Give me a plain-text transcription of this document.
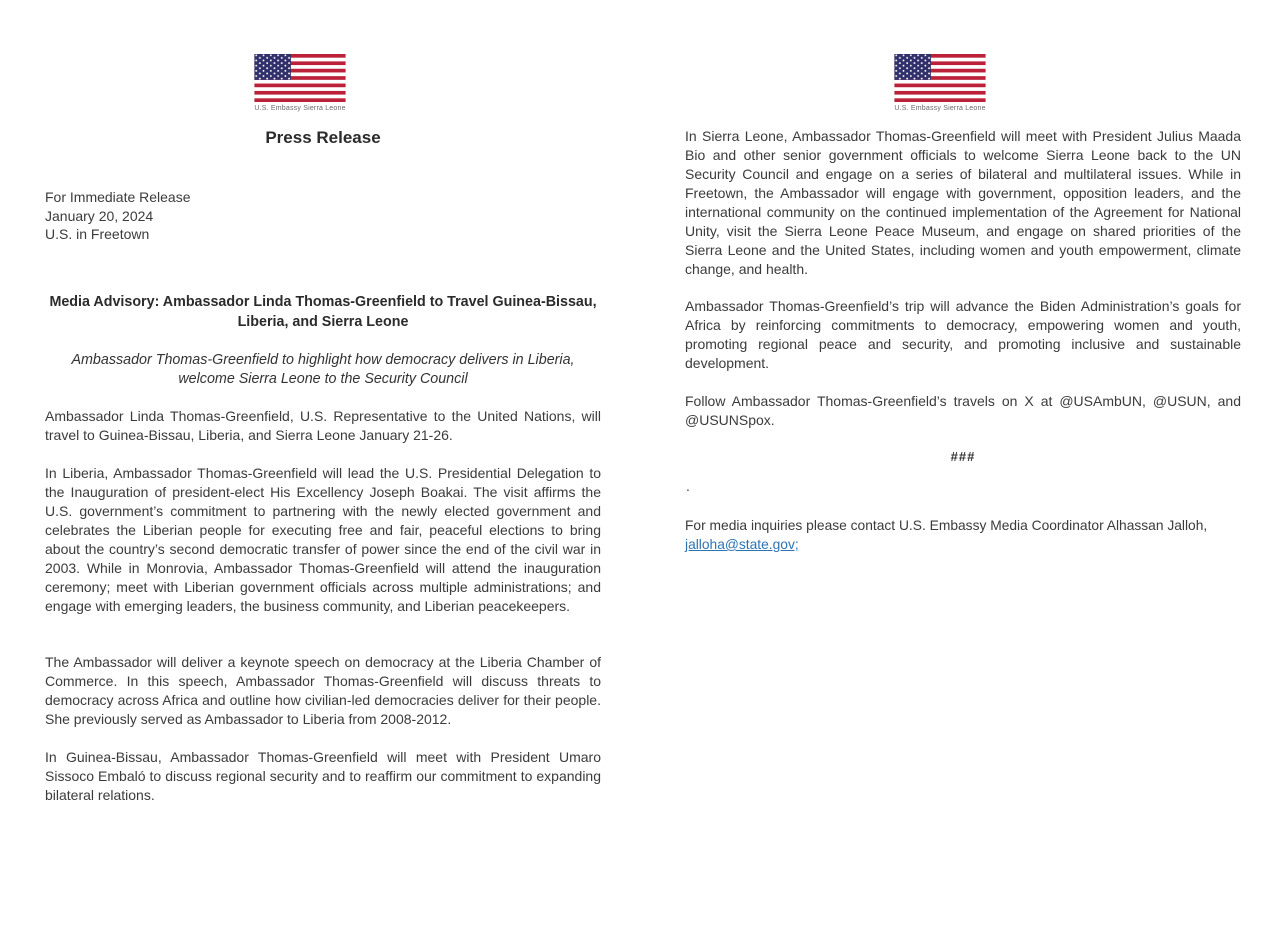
U.S. Embassy Sierra Leone
Press Release
For Immediate Release
January 20, 2024
U.S. in Freetown
Media Advisory: Ambassador Linda Thomas-Greenfield to Travel Guinea-Bissau, Liberia, and Sierra Leone
Ambassador Thomas-Greenfield to highlight how democracy delivers in Liberia, welcome Sierra Leone to the Security Council

Ambassador Linda Thomas-Greenfield, U.S. Representative to the United Nations, will travel to Guinea-Bissau, Liberia, and Sierra Leone January 21-26.

In Liberia, Ambassador Thomas-Greenfield will lead the U.S. Presidential Delegation to the Inauguration of president-elect His Excellency Joseph Boakai. The visit affirms the U.S. government’s commitment to partnering with the newly elected government and celebrates the Liberian people for executing free and fair, peaceful elections to bring about the country’s second democratic transfer of power since the end of the civil war in 2003. While in Monrovia, Ambassador Thomas-Greenfield will attend the inauguration ceremony; meet with Liberian government officials across multiple administrations; and engage with emerging leaders, the business community, and Liberian peacekeepers.

The Ambassador will deliver a keynote speech on democracy at the Liberia Chamber of Commerce. In this speech, Ambassador Thomas-Greenfield will discuss threats to democracy across Africa and outline how civilian-led democracies deliver for their people. She previously served as Ambassador to Liberia from 2008-2012.

In Guinea-Bissau, Ambassador Thomas-Greenfield will meet with President Umaro Sissoco Embaló to discuss regional security and to reaffirm our commitment to expanding bilateral relations.

U.S. Embassy Sierra Leone

In Sierra Leone, Ambassador Thomas-Greenfield will meet with President Julius Maada Bio and other senior government officials to welcome Sierra Leone back to the UN Security Council and engage on a series of bilateral and multilateral issues. While in Freetown, the Ambassador will engage with government, opposition leaders, and the international community on the continued implementation of the Agreement for National Unity, visit the Sierra Leone Peace Museum, and engage on shared priorities of the Sierra Leone and the United States, including women and youth empowerment, climate change, and health.

Ambassador Thomas-Greenfield’s trip will advance the Biden Administration’s goals for Africa by reinforcing commitments to democracy, empowering women and youth, promoting regional peace and security, and promoting inclusive and sustainable development.

Follow Ambassador Thomas-Greenfield’s travels on X at @USAmbUN, @USUN, and @USUNSpox.

###
.
For media inquiries please contact U.S. Embassy Media Coordinator Alhassan Jalloh,
jalloha@state.gov;
